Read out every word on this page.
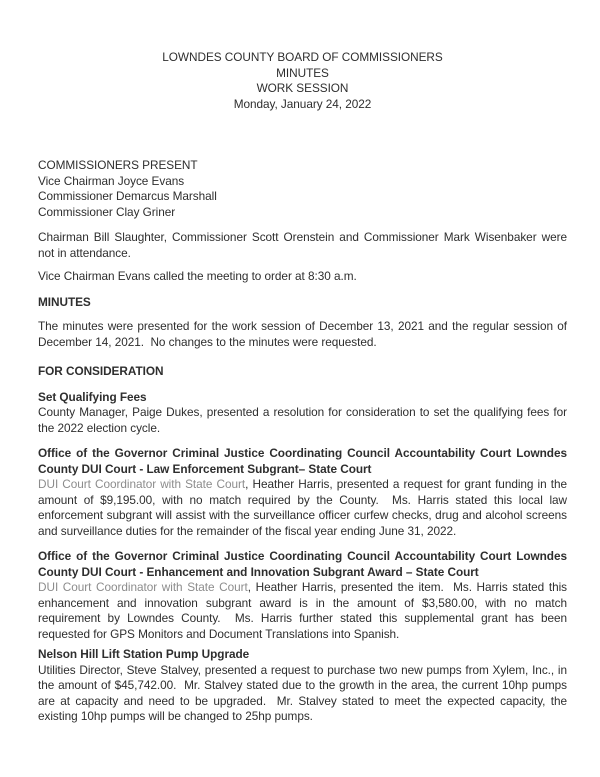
LOWNDES COUNTY BOARD OF COMMISSIONERS
MINUTES
WORK SESSION
Monday, January 24, 2022

COMMISSIONERS PRESENT

Vice Chairman Joyce Evans

Commissioner Demarcus Marshall

Commissioner Clay Griner

Chairman Bill Slaughter, Commissioner Scott Orenstein and Commissioner Mark Wisenbaker were not in attendance.

Vice Chairman Evans called the meeting to order at 8:30 a.m.

MINUTES

The minutes were presented for the work session of December 13, 2021 and the regular session of December 14, 2021.  No changes to the minutes were requested.

FOR CONSIDERATION

Set Qualifying Fees

County Manager, Paige Dukes, presented a resolution for consideration to set the qualifying fees for the 2022 election cycle.

Office of the Governor Criminal Justice Coordinating Council Accountability Court Lowndes County DUI Court - Law Enforcement Subgrant– State Court

DUI Court Coordinator with State Court, Heather Harris, presented a request for grant funding in the amount of $9,195.00, with no match required by the County.  Ms. Harris stated this local law enforcement subgrant will assist with the surveillance officer curfew checks, drug and alcohol screens and surveillance duties for the remainder of the fiscal year ending June 31, 2022.

Office of the Governor Criminal Justice Coordinating Council Accountability Court Lowndes County DUI Court - Enhancement and Innovation Subgrant Award – State Court

DUI Court Coordinator with State Court, Heather Harris, presented the item.  Ms. Harris stated this enhancement and innovation subgrant award is in the amount of $3,580.00, with no match requirement by Lowndes County.  Ms. Harris further stated this supplemental grant has been requested for GPS Monitors and Document Translations into Spanish.

Nelson Hill Lift Station Pump Upgrade

Utilities Director, Steve Stalvey, presented a request to purchase two new pumps from Xylem, Inc., in the amount of $45,742.00.  Mr. Stalvey stated due to the growth in the area, the current 10hp pumps are at capacity and need to be upgraded.  Mr. Stalvey stated to meet the expected capacity, the existing 10hp pumps will be changed to 25hp pumps.
